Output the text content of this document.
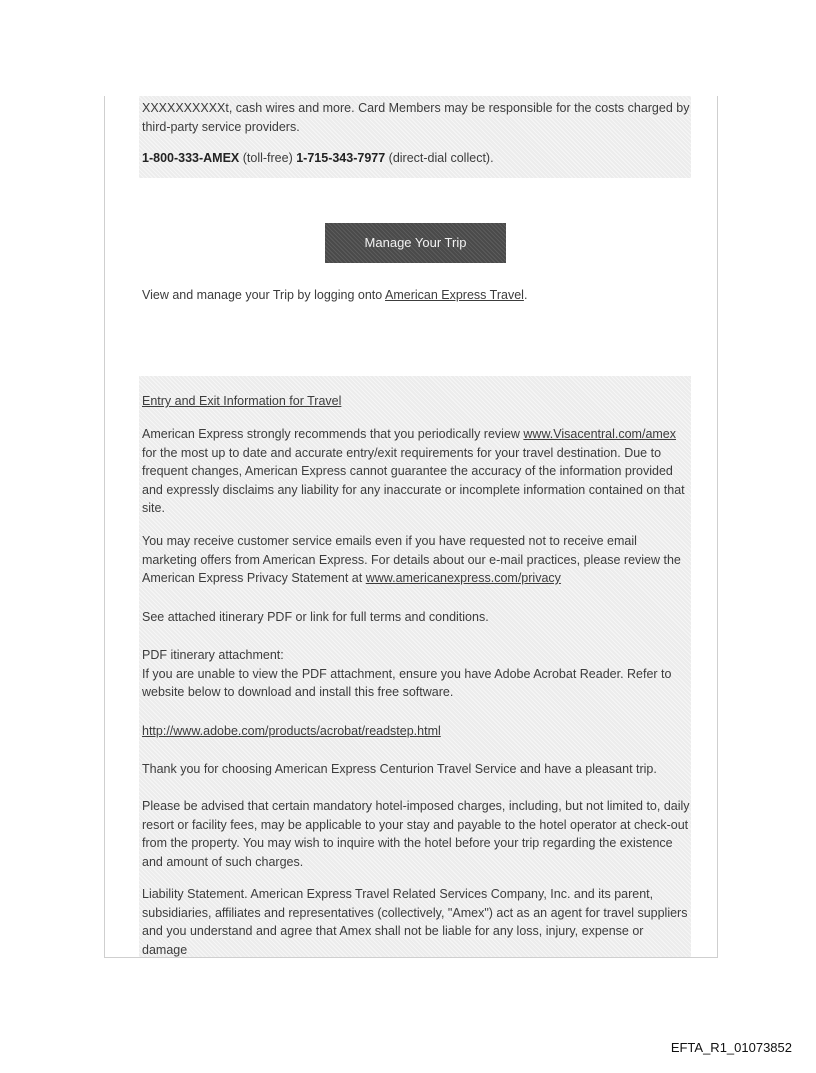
XXXXXXXXXXt, cash wires and more. Card Members may be responsible for the costs charged by
third-party service providers.

1-800-333-AMEX (toll-free) 1-715-343-7977 (direct-dial collect).

Manage Your Trip

View and manage your Trip by logging onto American Express Travel.

Entry and Exit Information for Travel

American Express strongly recommends that you periodically review www.Visacentral.com/amex for the most up to date and accurate entry/exit requirements for your travel destination. Due to frequent changes, American Express cannot guarantee the accuracy of the information provided and expressly disclaims any liability for any inaccurate or incomplete information contained on that site.

You may receive customer service emails even if you have requested not to receive email marketing offers from American Express. For details about our e-mail practices, please review the American Express Privacy Statement at www.americanexpress.com/privacy

See attached itinerary PDF or link for full terms and conditions.

PDF itinerary attachment:
If you are unable to view the PDF attachment, ensure you have Adobe Acrobat Reader. Refer to website below to download and install this free software.

http://www.adobe.com/products/acrobat/readstep.html

Thank you for choosing American Express Centurion Travel Service and have a pleasant trip.

Please be advised that certain mandatory hotel-imposed charges, including, but not limited to, daily resort or facility fees, may be applicable to your stay and payable to the hotel operator at check-out from the property. You may wish to inquire with the hotel before your trip regarding the existence and amount of such charges.

Liability Statement. American Express Travel Related Services Company, Inc. and its parent, subsidiaries, affiliates and representatives (collectively, "Amex") act as an agent for travel suppliers and you understand and agree that Amex shall not be liable for any loss, injury, expense or damage

EFTA_R1_01073852
